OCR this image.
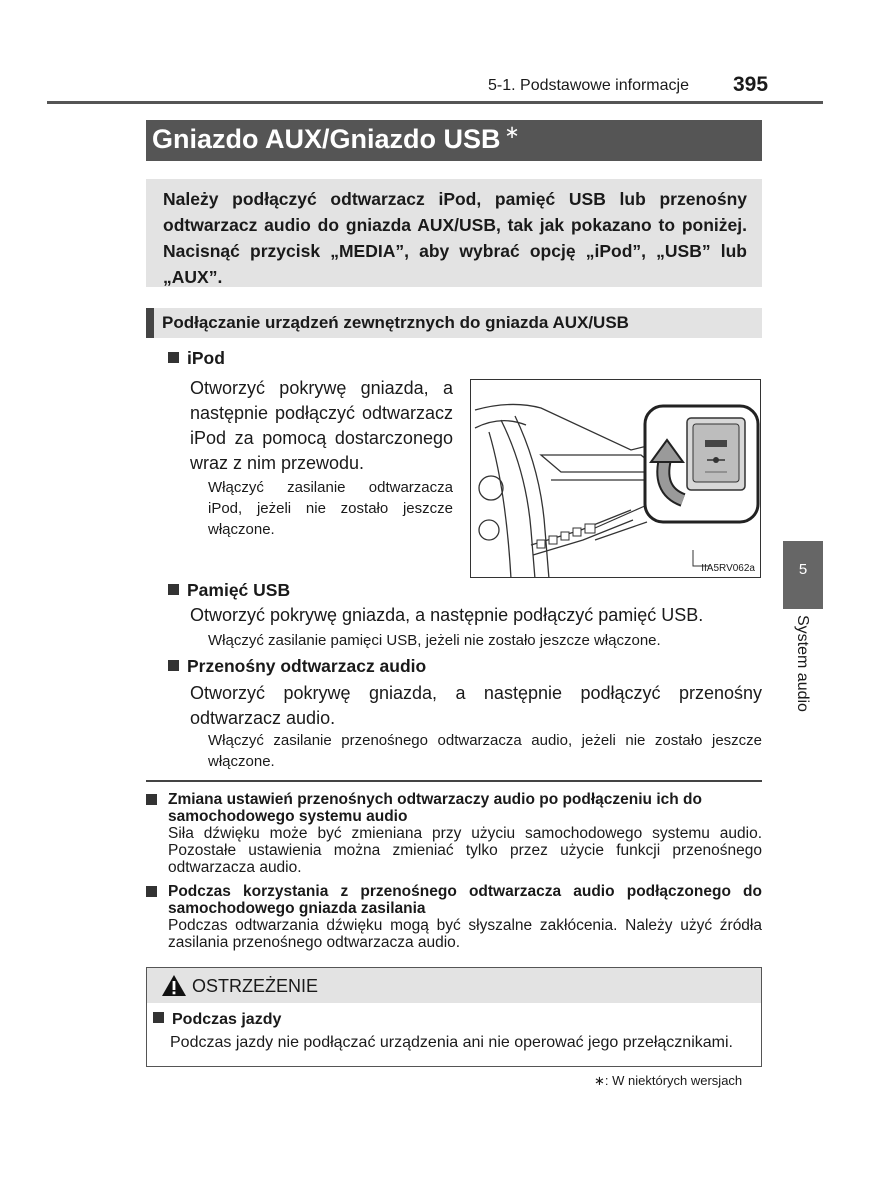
5-1. Podstawowe informacje 395
Gniazdo AUX/Gniazdo USB ∗
Należy podłączyć odtwarzacz iPod, pamięć USB lub przenośny odtwarzacz audio do gniazda AUX/USB, tak jak pokazano to poniżej. Nacisnąć przycisk „MEDIA”, aby wybrać opcję „iPod”, „USB” lub „AUX”.
Podłączanie urządzeń zewnętrznych do gniazda AUX/USB
iPod
Otworzyć pokrywę gniazda, a następnie podłączyć odtwarzacz iPod za pomocą dostarczonego wraz z nim przewodu.
Włączyć zasilanie odtwarzacza iPod, jeżeli nie zostało jeszcze włączone.
IIA5RV062a	5
System audio
Pamięć USB
Otworzyć pokrywę gniazda, a następnie podłączyć pamięć USB.
Włączyć zasilanie pamięci USB, jeżeli nie zostało jeszcze włączone.
Przenośny odtwarzacz audio
Otworzyć pokrywę gniazda, a następnie podłączyć przenośny odtwarzacz audio.
Włączyć zasilanie przenośnego odtwarzacza audio, jeżeli nie zostało jeszcze włączone.
Zmiana ustawień przenośnych odtwarzaczy audio po podłączeniu ich do samochodowego systemu audio
Siła dźwięku może być zmieniana przy użyciu samochodowego systemu audio. Pozostałe ustawienia można zmieniać tylko przez użycie funkcji przenośnego odtwarzacza audio.
Podczas korzystania z przenośnego odtwarzacza audio podłączonego do samochodowego gniazda zasilania
Podczas odtwarzania dźwięku mogą być słyszalne zakłócenia. Należy użyć źródła zasilania przenośnego odtwarzacza audio.
OSTRZEŻENIE
Podczas jazdy
Podczas jazdy nie podłączać urządzenia ani nie operować jego przełącznikami.
∗: W niektórych wersjach
